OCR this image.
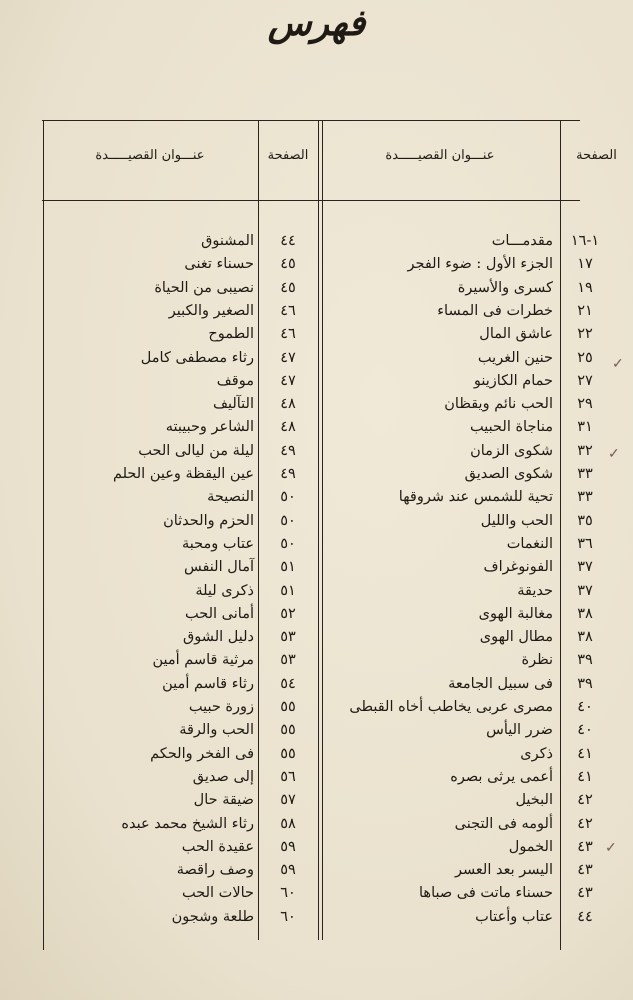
فهرس
الصفحة
عنـــوان القصيـــــدة
الصفحة
عنـــوان القصيـــــدة
مقدمـــات	١-١٦
الجزء الأول : ضوء الفجر	١٧
كسرى والأسيرة	١٩
خطرات فى المساء	٢١
عاشق المال	٢٢
حنين الغريب	٢٥
حمام الكازينو	٢٧
الحب نائم ويقظان	٢٩
مناجاة الحبيب	٣١
شكوى الزمان	٣٢
شكوى الصديق	٣٣
تحية للشمس عند شروقها	٣٣
الحب والليل	٣٥
النغمات	٣٦
الفونوغراف	٣٧
حديقة	٣٧
مغالبة الهوى	٣٨
مطال الهوى	٣٨
نظرة	٣٩
فى سبيل الجامعة	٣٩
مصرى عربى يخاطب أخاه القبطى	٤٠
ضرر اليأس	٤٠
ذكرى	٤١
أعمى يرثى بصره	٤١
البخيل	٤٢
ألومه فى التجنى	٤٢
الخمول	٤٣
اليسر بعد العسر	٤٣
حسناء ماتت فى صباها	٤٣
عتاب وأعتاب	٤٤
المشنوق	٤٤
حسناء تغنى	٤٥
نصيبى من الحياة	٤٥
الصغير والكبير	٤٦
الطموح	٤٦
رثاء مصطفى كامل	٤٧
موقف	٤٧
التآليف	٤٨
الشاعر وحبيبته	٤٨
ليلة من ليالى الحب	٤٩
عين اليقظة وعين الحلم	٤٩
النصيحة	٥٠
الحزم والحدثان	٥٠
عتاب ومحبة	٥٠
آمال النفس	٥١
ذكرى ليلة	٥١
أمانى الحب	٥٢
دليل الشوق	٥٣
مرثية قاسم أمين	٥٣
رثاء قاسم أمين	٥٤
زورة حبيب	٥٥
الحب والرقة	٥٥
فى الفخر والحكم	٥٥
إلى صديق	٥٦
ضيقة حال	٥٧
رثاء الشيخ محمد عبده	٥٨
عقيدة الحب	٥٩
وصف راقصة	٥٩
حالات الحب	٦٠
طلعة وشجون	٦٠
✓
✓
✓
